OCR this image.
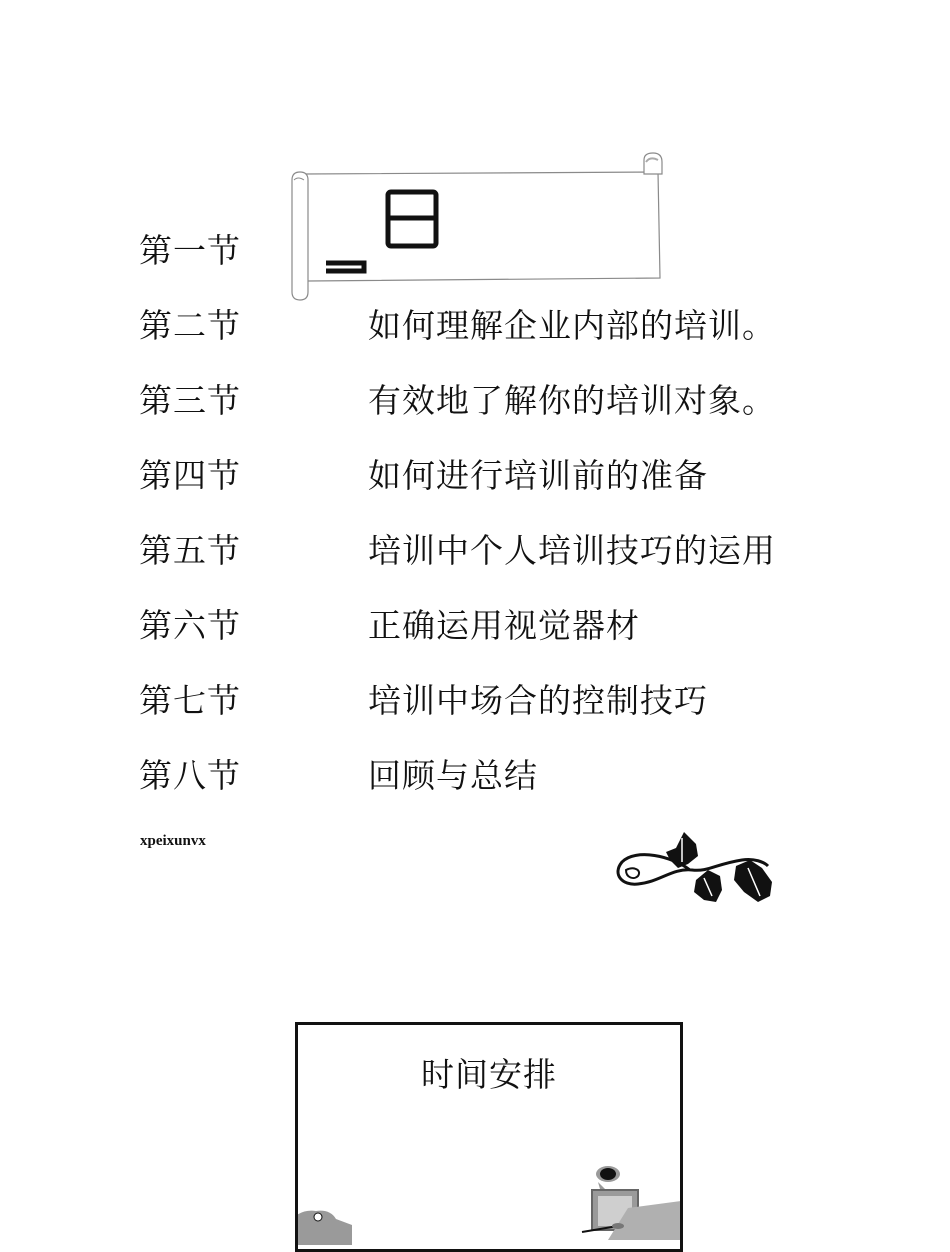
第一节
第二节	如何理解企业内部的培训。
第三节	有效地了解你的培训对象。
第四节	如何进行培训前的准备
第五节	培训中个人培训技巧的运用
第六节	正确运用视觉器材
第七节	培训中场合的控制技巧
第八节	回顾与总结
xpeixunvx
时间安排
